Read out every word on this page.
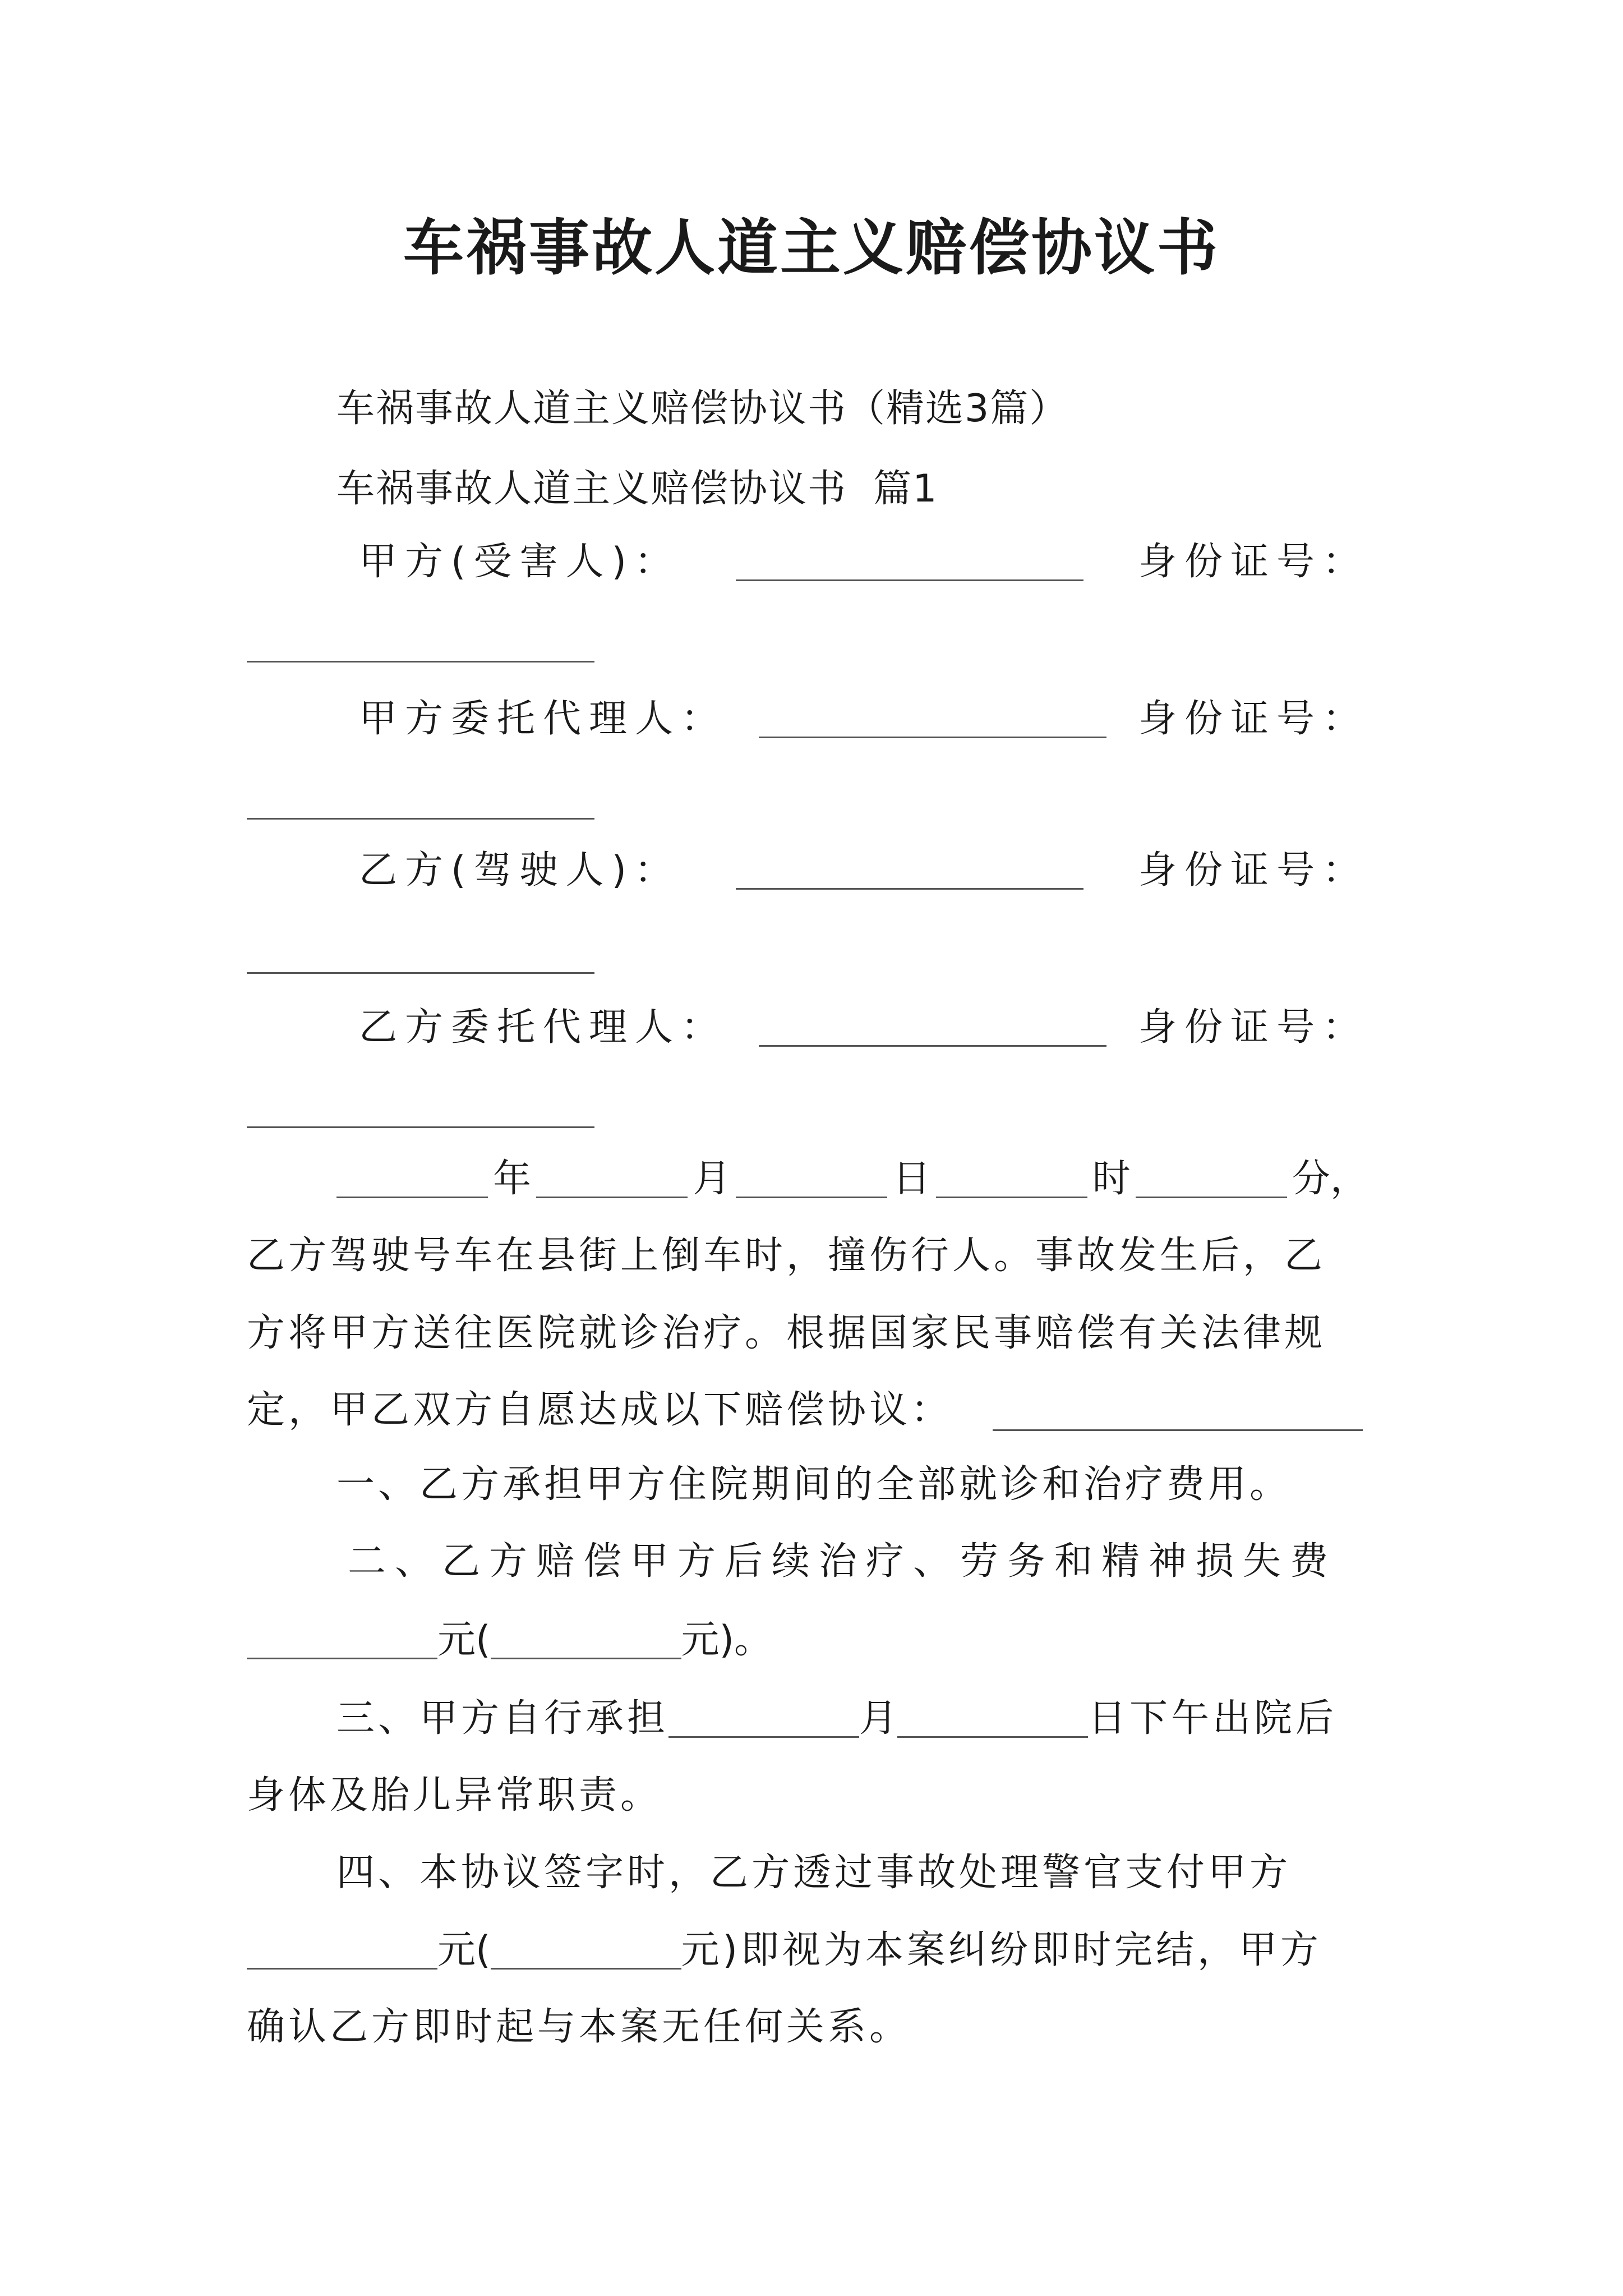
车祸事故人道主义赔偿协议书
车祸事故人道主义赔偿协议书（精选3篇）
车祸事故人道主义赔偿协议书  篇1
甲方(受害人)：	身份证号：
甲方委托代理人：	身份证号：
乙方(驾驶人)：	身份证号：
乙方委托代理人：	身份证号：
年	月	日	时	分，
乙方驾驶号车在县街上倒车时，撞伤行人。事故发生后，乙
方将甲方送往医院就诊治疗。根据国家民事赔偿有关法律规
定，甲乙双方自愿达成以下赔偿协议：
一、乙方承担甲方住院期间的全部就诊和治疗费用。
二、乙方赔偿甲方后续治疗、劳务和精神损失费
元(	元)。
三、甲方自行承担	月	日下午出院后
身体及胎儿异常职责。
四、本协议签字时，乙方透过事故处理警官支付甲方
元(	元)即视为本案纠纷即时完结，甲方
确认乙方即时起与本案无任何关系。
